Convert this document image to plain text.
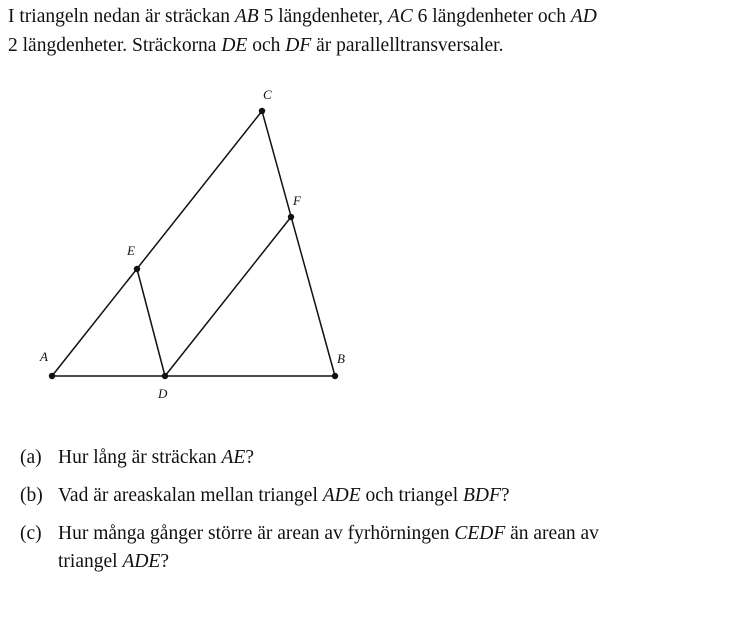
I triangeln nedan är sträckan AB 5 längdenheter, AC 6 längdenheter och AD
2 längdenheter. Sträckorna DE och DF är parallelltransversaler.
A	B
C
D
E
F
(a) Hur lång är sträckan AE?
(b) Vad är areaskalan mellan triangel ADE och triangel BDF?
(c) Hur många gånger större är arean av fyrhörningen CEDF än arean av
triangel ADE?
